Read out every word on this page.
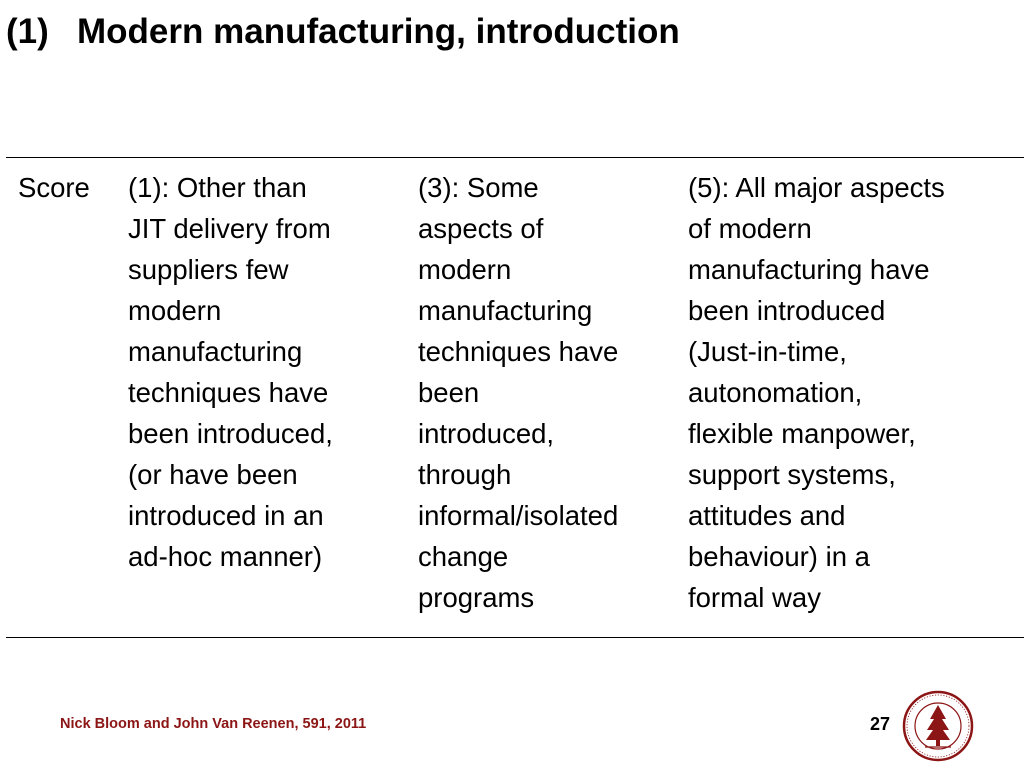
(1) Modern manufacturing, introduction
Score (1): Other than
JIT delivery from
suppliers few
modern
manufacturing
techniques have
been introduced,
(or have been
introduced in an
ad-hoc manner)
(3): Some
aspects of
modern
manufacturing
techniques have
been
introduced,
through
informal/isolated
change
programs
(5): All major aspects
of modern
manufacturing have
been introduced
(Just-in-time,
autonomation,
flexible manpower,
support systems,
attitudes and
behaviour) in a
formal way
Nick Bloom and John Van Reenen, 591, 2011	27
